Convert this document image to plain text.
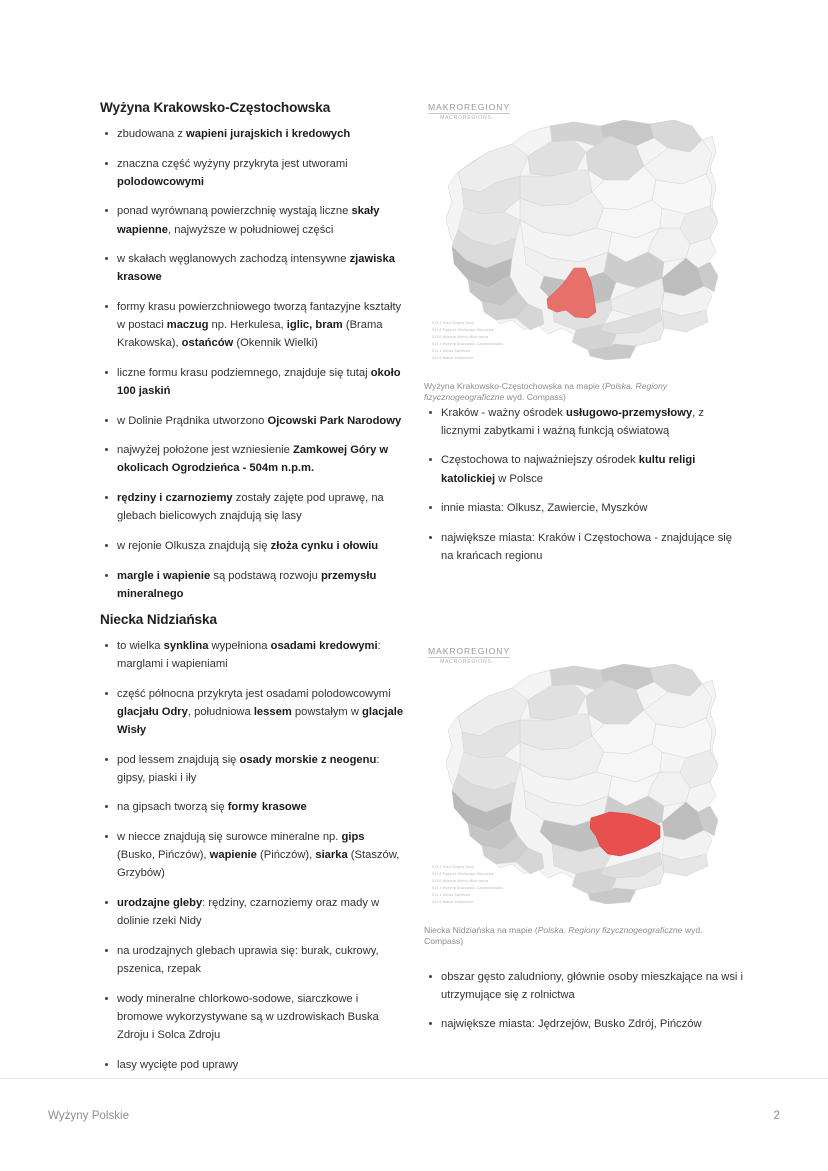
Wyżyna Krakowsko-Częstochowska
zbudowana z wapieni jurajskich i kredowych
znaczna część wyżyny przykryta jest utworami polodowcowymi
ponad wyrównaną powierzchnię wystają liczne skały wapienne, najwyższe w południowej części
w skałach węglanowych zachodzą intensywne zjawiska krasowe
formy krasu powierzchniowego tworzą fantazyjne kształty w postaci maczug np. Herkulesa, iglic, bram (Brama Krakowska), ostańców (Okennik Wielki)
liczne formu krasu podziemnego, znajduje się tutaj około 100 jaskiń
w Dolinie Prądnika utworzono Ojcowski Park Narodowy
najwyżej położone jest wzniesienie Zamkowej Góry w okolicach Ogrodzieńca - 504m n.p.m.
rędziny i czarnoziemy zostały zajęte pod uprawę, na glebach bielicowych znajdują się lasy
w rejonie Olkusza znajdują się złoża cynku i ołowiu
margle i wapienie są podstawą rozwoju przemysłu mineralnego
MAKROREGIONY
MACROREGIONS
513.3 Góra Świętej Anny
513.6 Pogórze Wieluńsko-Woźnickie
513.6 Wyżyna Wieluń-Wieruszów
513.7 Wyżyna Krakowsko-Częstochowska
513.1 Dolina Sąsiecka
513.5 Brama Krakowska
Wyżyna Krakowsko-Częstochowska na mapie (Polska. Regiony fizycznogeograficzne wyd. Compass)
Kraków - ważny ośrodek usługowo-przemysłowy, z licznymi zabytkami i ważną funkcją oświatową
Częstochowa to najważniejszy ośrodek kultu religi katolickiej w Polsce
innie miasta: Olkusz, Zawiercie, Myszków
największe miasta: Kraków i Częstochowa - znajdujące się na krańcach regionu
Niecka Nidziańska
to wielka synklina wypełniona osadami kredowymi: marglami i wapieniami
część północna przykryta jest osadami polodowcowymi glacjału Odry, południowa lessem powstałym w glacjale Wisły
pod lessem znajdują się osady morskie z neogenu: gipsy, piaski i iły
na gipsach tworzą się formy krasowe
w niecce znajdują się surowce mineralne np. gips (Busko, Pińczów), wapienie (Pińczów), siarka (Staszów, Grzybów)
urodzajne gleby: rędziny, czarnoziemy oraz mady w dolinie rzeki Nidy
na urodzajnych glebach uprawia się: burak, cukrowy, pszenica, rzepak
wody mineralne chlorkowo-sodowe, siarczkowe i bromowe wykorzystywane są w uzdrowiskach Buska Zdroju i Solca Zdroju
lasy wycięte pod uprawy
MAKROREGIONY
MACROREGIONS
513.3 Góra Świętej Anny
513.6 Pogórze Wieluńsko-Woźnickie
513.6 Wyżyna Wieluń-Wieruszów
513.7 Wyżyna Krakowsko-Częstochowska
513.1 Dolina Sąsiecka
513.5 Brama Krakowska
Niecka Nidziańska na mapie (Polska. Regiony fizycznogeograficzne wyd. Compass)
obszar gęsto zaludniony, głównie osoby mieszkające na wsi i utrzymujące się z rolnictwa
największe miasta: Jędrzejów, Busko Zdrój, Pińczów
Wyżyny Polskie	2
